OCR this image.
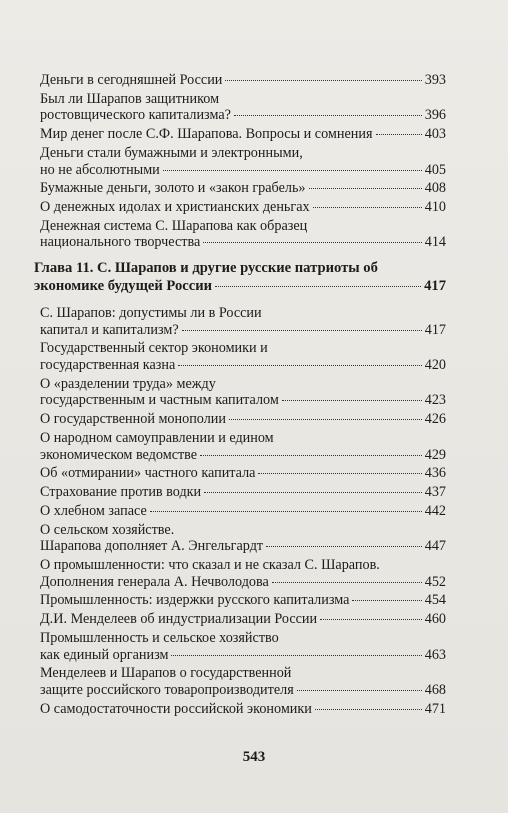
Деньги в сегодняшней России	393
Был ли Шарапов защитником
ростовщического капитализма?	396
Мир денег после С.Ф. Шарапова. Вопросы и сомнения	403
Деньги стали бумажными и электронными,
но не абсолютными	405
Бумажные деньги, золото и «закон грабель»	408
О денежных идолах и христианских деньгах	410
Денежная система С. Шарапова как образец
национального творчества	414
Глава 11. С. Шарапов и другие русские патриоты об
экономике будущей России	417
С. Шарапов: допустимы ли в России
капитал и капитализм?	417
Государственный сектор экономики и
государственная казна	420
О «разделении труда» между
государственным и частным капиталом	423
О государственной монополии	426
О народном самоуправлении и едином
экономическом ведомстве	429
Об «отмирании» частного капитала	436
Страхование против водки	437
О хлебном запасе	442
О сельском хозяйстве.
Шарапова дополняет А. Энгельгардт	447
О промышленности: что сказал и не сказал С. Шарапов.
Дополнения генерала А. Нечволодова	452
Промышленность: издержки русского капитализма	454
Д.И. Менделеев об индустриализации России	460
Промышленность и сельское хозяйство
как единый организм	463
Менделеев и Шарапов о государственной
защите российского товаропроизводителя	468
О самодостаточности российской экономики	471
543
